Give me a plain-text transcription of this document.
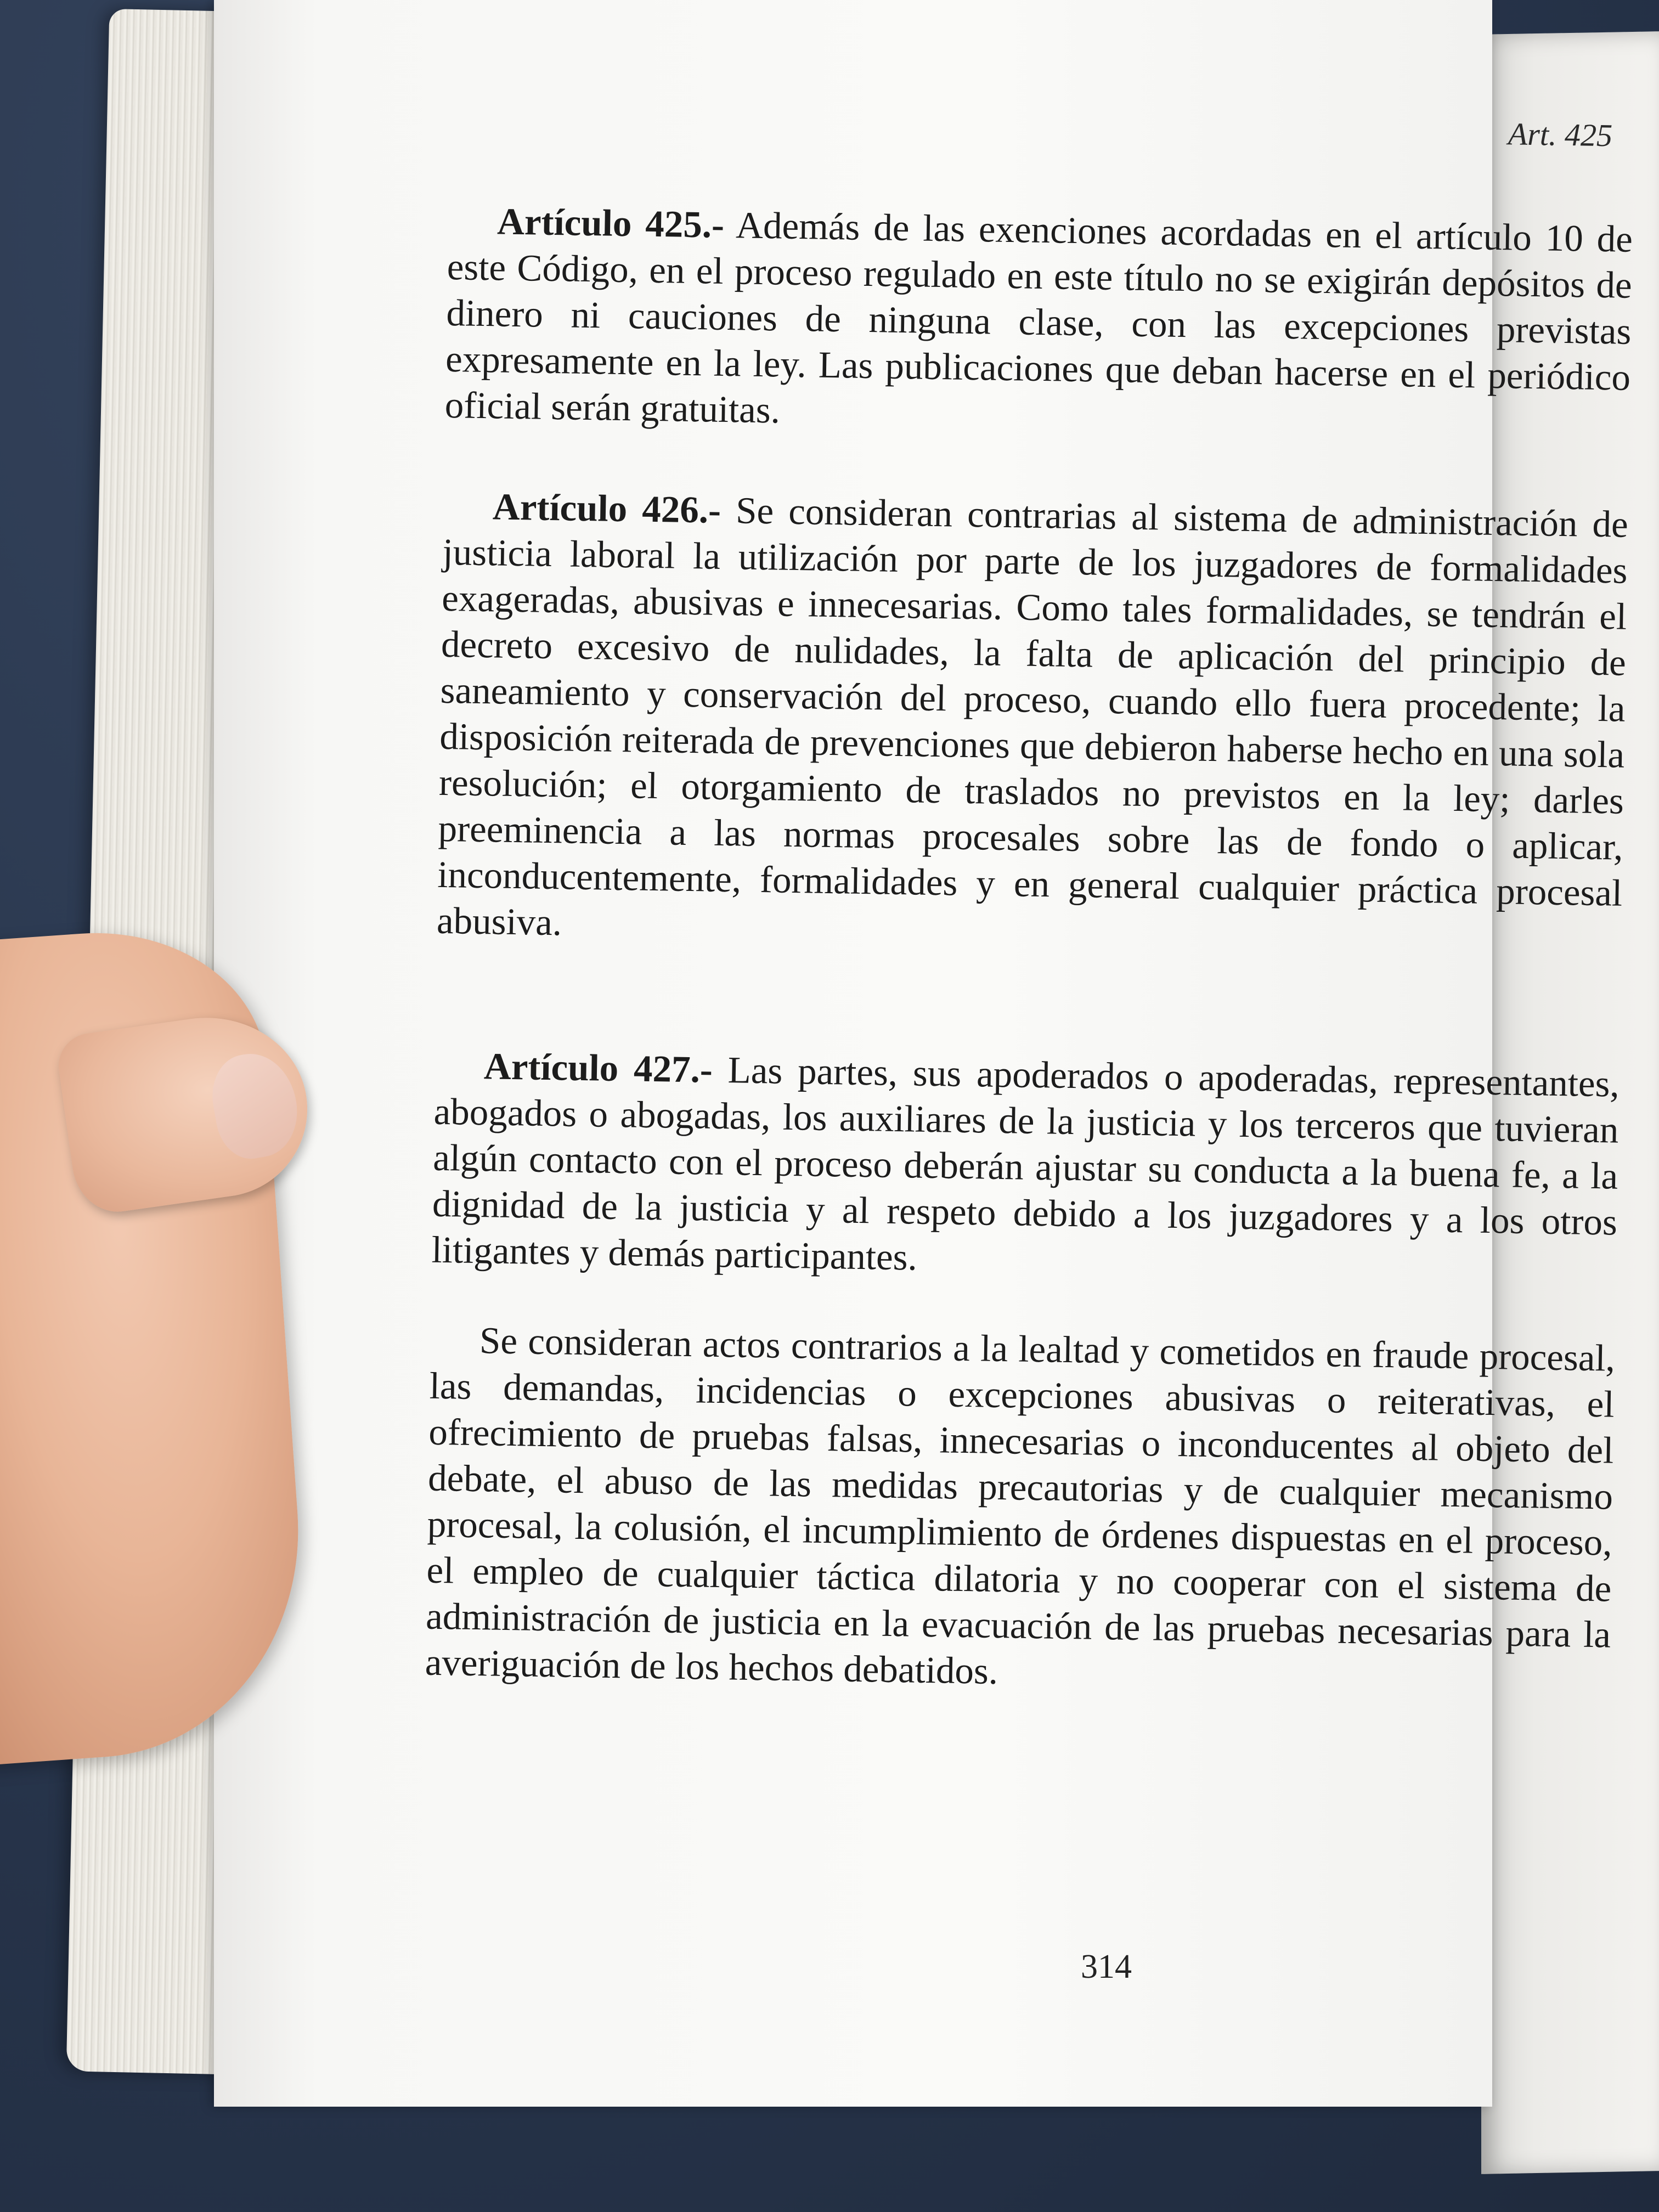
Art. 425

Artículo 425.- Además de las exenciones acordadas en el artículo 10 de este Código, en el proceso regulado en este título no se exigirán depósitos de dinero ni cauciones de ninguna clase, con las excepciones previstas expresamente en la ley. Las publicaciones que deban hacerse en el periódico oficial serán gratuitas.

Artículo 426.- Se consideran contrarias al sistema de administración de justicia laboral la utilización por parte de los juzgadores de formalidades exageradas, abusivas e innecesarias. Como tales formalidades, se tendrán el decreto excesivo de nulidades, la falta de aplicación del principio de saneamiento y conservación del proceso, cuando ello fuera procedente; la disposición reiterada de prevenciones que debieron haberse hecho en una sola resolución; el otorgamiento de traslados no previstos en la ley; darles preeminencia a las normas procesales sobre las de fondo o aplicar, inconducentemente, formalidades y en general cualquier práctica procesal abusiva.

Artículo 427.- Las partes, sus apoderados o apoderadas, representantes, abogados o abogadas, los auxiliares de la justicia y los terceros que tuvieran algún contacto con el proceso deberán ajustar su conducta a la buena fe, a la dignidad de la justicia y al respeto debido a los juzgadores y a los otros litigantes y demás participantes.

Se consideran actos contrarios a la lealtad y cometidos en fraude procesal, las demandas, incidencias o excepciones abusivas o reiterativas, el ofrecimiento de pruebas falsas, innecesarias o inconducentes al objeto del debate, el abuso de las medidas precautorias y de cualquier mecanismo procesal, la colusión, el incumplimiento de órdenes dispuestas en el proceso, el empleo de cualquier táctica dilatoria y no cooperar con el sistema de administración de justicia en la evacuación de las pruebas necesarias para la averiguación de los hechos debatidos.

314
